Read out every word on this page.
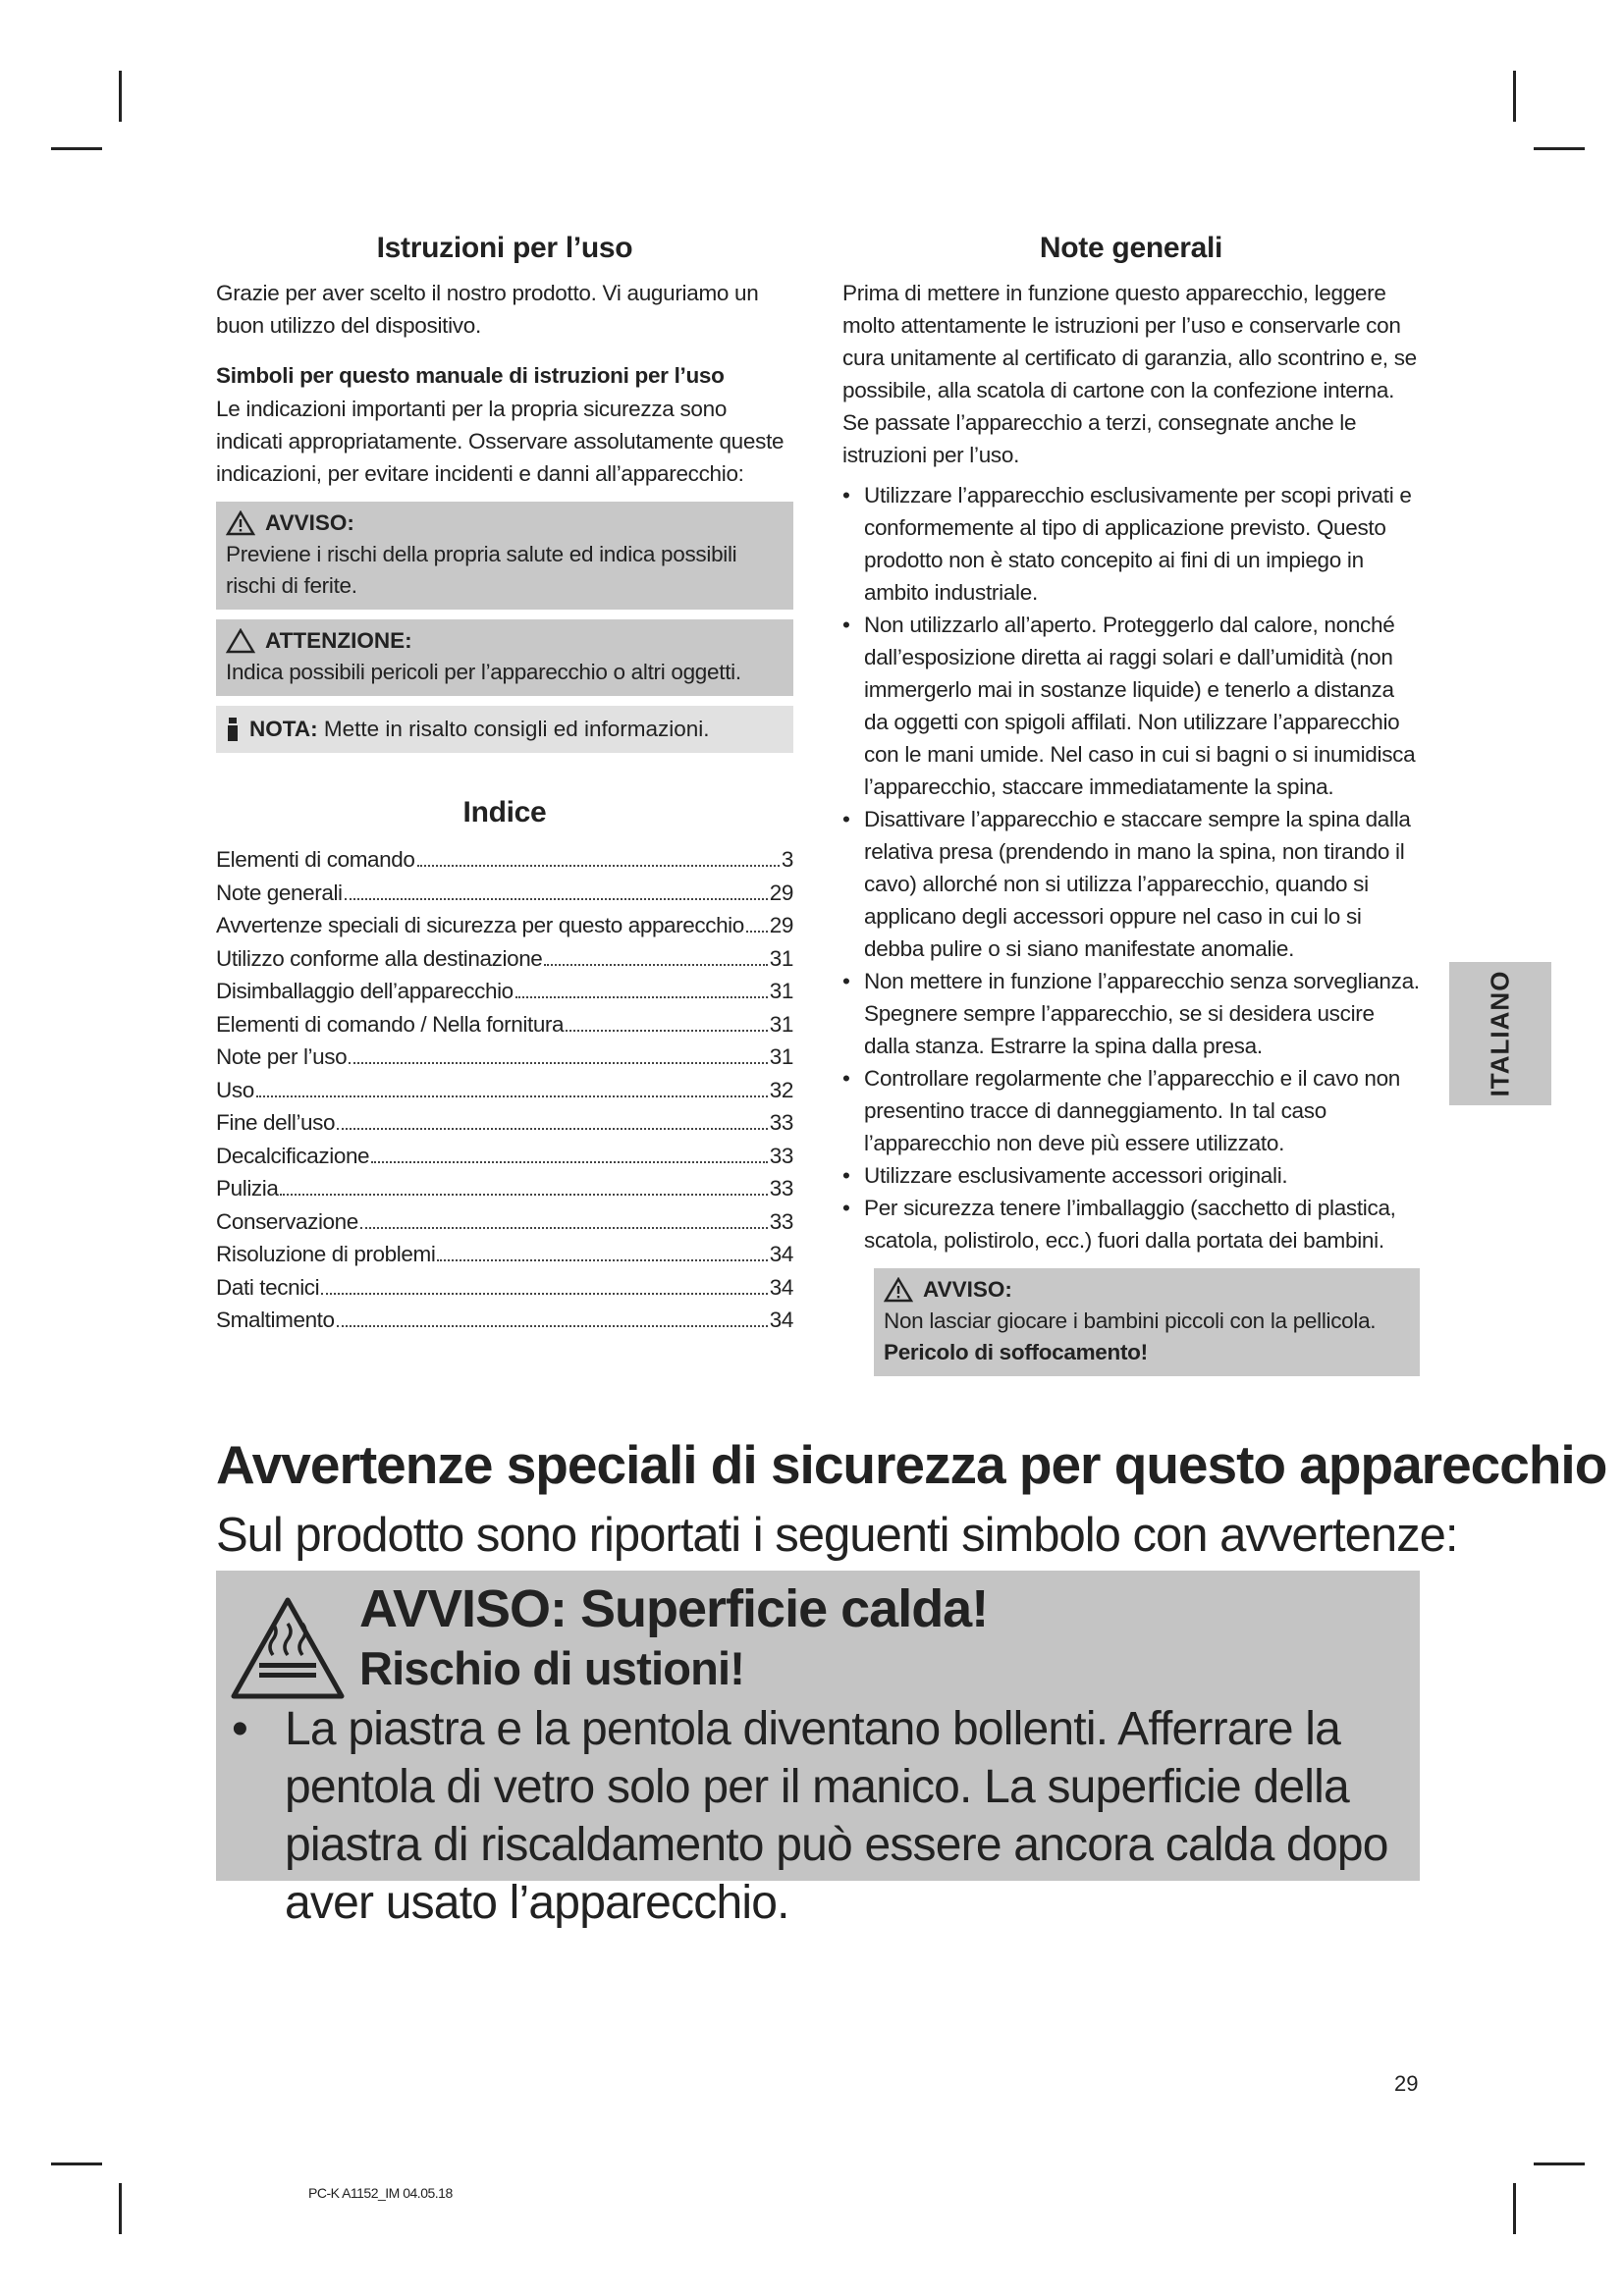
Istruzioni per l’uso

Grazie per aver scelto il nostro prodotto. Vi auguriamo un buon utilizzo del dispositivo.

Simboli per questo manuale di istruzioni per l’uso

Le indicazioni importanti per la propria sicurezza sono indicati appropriatamente. Osservare assolutamente queste indicazioni, per evitare incidenti e danni all’apparecchio:

AVVISO:
Previene i rischi della propria salute ed indica possibili rischi di ferite.
ATTENZIONE:
Indica possibili pericoli per l’apparecchio o altri oggetti.
NOTA: Mette in risalto consigli ed informazioni.
Indice
Elementi di comando	3
Note generali	29
Avvertenze speciali di sicurezza per questo apparecchio 29
Utilizzo conforme alla destinazione	31
Disimballaggio dell’apparecchio	31
Elementi di comando / Nella fornitura	31
Note per l’uso	31
Uso	32
Fine dell’uso	33
Decalcificazione	33
Pulizia	33
Conservazione	33
Risoluzione di problemi	34
Dati tecnici	34
Smaltimento	34
Note generali

Prima di mettere in funzione questo apparecchio, leggere molto attentamente le istruzioni per l’uso e conservarle con cura unitamente al certificato di garanzia, allo scontrino e, se possibile, alla scatola di cartone con la confezione interna. Se passate l’apparecchio a terzi, consegnate anche le istruzioni per l’uso.

• Utilizzare l’apparecchio esclusivamente per scopi privati e conformemente al tipo di applicazione previsto. Questo prodotto non è stato concepito ai fini di un impiego in ambito industriale.
• Non utilizzarlo all’aperto. Proteggerlo dal calore, nonché dall’esposizione diretta ai raggi solari e dall’umidità (non immergerlo mai in sostanze liquide) e tenerlo a distanza da oggetti con spigoli affilati. Non utilizzare l’apparecchio con le mani umide. Nel caso in cui si bagni o si inumidisca l’apparecchio, staccare immediatamente la spina.
• Disattivare l’apparecchio e staccare sempre la spina dalla relativa presa (prendendo in mano la spina, non tirando il cavo) allorché non si utilizza l’apparecchio, quando si applicano degli accessori oppure nel caso in cui lo si debba pulire o si siano manifestate anomalie.
• Non mettere in funzione l’apparecchio senza sorveglianza. Spegnere sempre l’apparecchio, se si desidera uscire dalla stanza. Estrarre la spina dalla presa.
• Controllare regolarmente che l’apparecchio e il cavo non presentino tracce di danneggiamento. In tal caso l’apparecchio non deve più essere utilizzato.
• Utilizzare esclusivamente accessori originali.
• Per sicurezza tenere l’imballaggio (sacchetto di plastica, scatola, polistirolo, ecc.) fuori dalla portata dei bambini.
AVVISO:
Non lasciar giocare i bambini piccoli con la pellicola.
Pericolo di soffocamento!
ITALIANO
Avvertenze speciali di sicurezza per questo apparecchio
Sul prodotto sono riportati i seguenti simbolo con avvertenze:
AVVISO: Superficie calda!
Rischio di ustioni!
• La piastra e la pentola diventano bollenti. Afferrare la pentola di vetro solo per il manico. La superficie della piastra di riscaldamento può essere ancora calda dopo aver usato l’apparecchio.
29
PC-K A1152_IM 04.05.18
